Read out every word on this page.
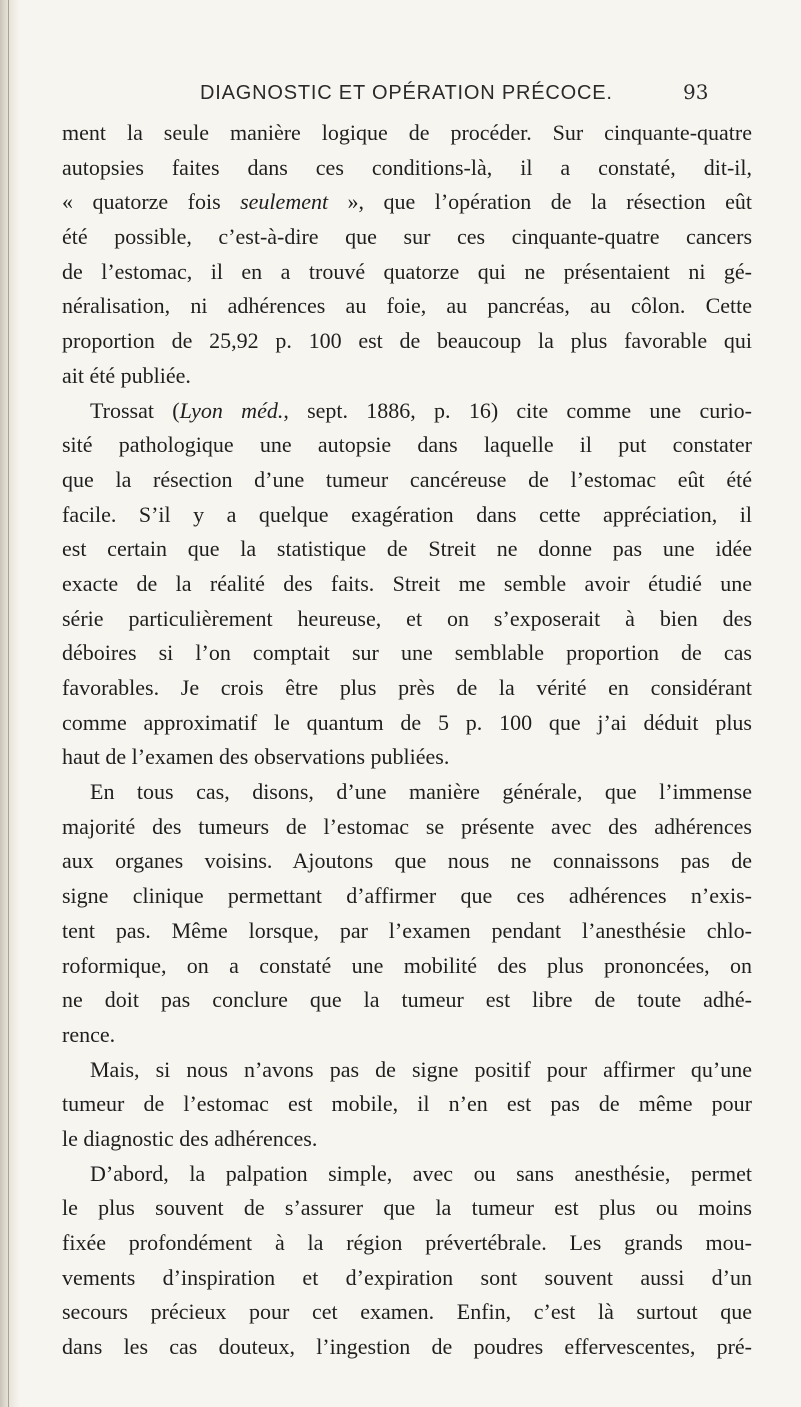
DIAGNOSTIC ET OPÉRATION PRÉCOCE.	93
ment la seule manière logique de procéder. Sur cinquante-quatre
autopsies faites dans ces conditions-là, il a constaté, dit-il,
« quatorze fois seulement », que l’opération de la résection eût
été possible, c’est-à-dire que sur ces cinquante-quatre cancers
de l’estomac, il en a trouvé quatorze qui ne présentaient ni gé-
néralisation, ni adhérences au foie, au pancréas, au côlon. Cette
proportion de 25,92 p. 100 est de beaucoup la plus favorable qui
ait été publiée.
Trossat (Lyon méd., sept. 1886, p. 16) cite comme une curio-
sité pathologique une autopsie dans laquelle il put constater
que la résection d’une tumeur cancéreuse de l’estomac eût été
facile. S’il y a quelque exagération dans cette appréciation, il
est certain que la statistique de Streit ne donne pas une idée
exacte de la réalité des faits. Streit me semble avoir étudié une
série particulièrement heureuse, et on s’exposerait à bien des
déboires si l’on comptait sur une semblable proportion de cas
favorables. Je crois être plus près de la vérité en considérant
comme approximatif le quantum de 5 p. 100 que j’ai déduit plus
haut de l’examen des observations publiées.
En tous cas, disons, d’une manière générale, que l’immense
majorité des tumeurs de l’estomac se présente avec des adhérences
aux organes voisins. Ajoutons que nous ne connaissons pas de
signe clinique permettant d’affirmer que ces adhérences n’exis-
tent pas. Même lorsque, par l’examen pendant l’anesthésie chlo-
roformique, on a constaté une mobilité des plus prononcées, on
ne doit pas conclure que la tumeur est libre de toute adhé-
rence.
Mais, si nous n’avons pas de signe positif pour affirmer qu’une
tumeur de l’estomac est mobile, il n’en est pas de même pour
le diagnostic des adhérences.
D’abord, la palpation simple, avec ou sans anesthésie, permet
le plus souvent de s’assurer que la tumeur est plus ou moins
fixée profondément à la région prévertébrale. Les grands mou-
vements d’inspiration et d’expiration sont souvent aussi d’un
secours précieux pour cet examen. Enfin, c’est là surtout que
dans les cas douteux, l’ingestion de poudres effervescentes, pré-
